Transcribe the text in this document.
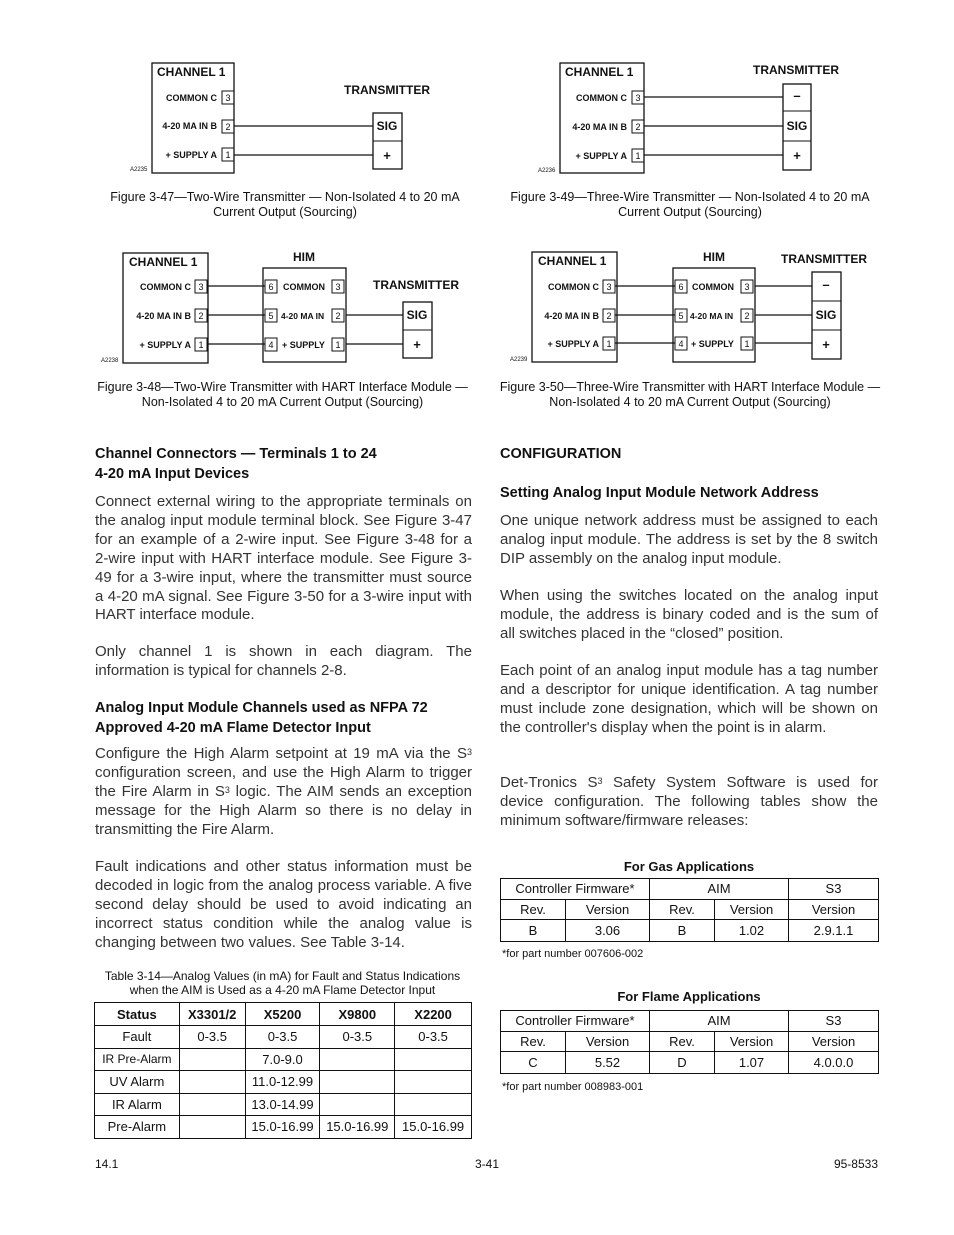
CHANNEL 1
COMMON C
4-20 MA IN B
+ SUPPLY A
3
2
1
TRANSMITTER
SIG
+
A2235
Figure 3-47—Two-Wire Transmitter — Non-Isolated 4 to 20 mA
Current Output (Sourcing)
CHANNEL 1
COMMON C
4-20 MA IN B
+ SUPPLY A
3
2
1
TRANSMITTER
–
SIG
+
A2236
Figure 3-49—Three-Wire Transmitter — Non-Isolated 4 to 20 mA
Current Output (Sourcing)
CHANNEL 1
COMMON C
4-20 MA IN B
+ SUPPLY A
3
2
1
HIM
6
5
4
COMMON
4-20 MA IN
+ SUPPLY
3
2
1
TRANSMITTER
SIG
+
A2238
Figure 3-48—Two-Wire Transmitter with HART Interface Module —
Non-Isolated 4 to 20 mA Current Output (Sourcing)
CHANNEL 1
COMMON C
4-20 MA IN B
+ SUPPLY A
3
2
1
HIM
6
5
4
COMMON
4-20 MA IN
+ SUPPLY
3
2
1
TRANSMITTER
–
SIG
+
A2239
Figure 3-50—Three-Wire Transmitter with HART Interface Module —
Non-Isolated 4 to 20 mA Current Output (Sourcing)
Channel Connectors — Terminals 1 to 24
4-20 mA Input Devices
Connect external wiring to the appropriate terminals on the analog input module terminal block. See Figure 3-47 for an example of a 2-wire input. See Figure 3-48 for a 2-wire input with HART interface module. See Figure 3-49 for a 3-wire input, where the transmitter must source a 4-20 mA signal. See Figure 3-50 for a 3-wire input with HART interface module.
Only channel 1 is shown in each diagram. The information is typical for channels 2-8.
Analog Input Module Channels used as NFPA 72
Approved 4-20 mA Flame Detector Input
Configure the High Alarm setpoint at 19 mA via the $S^3$ configuration screen, and use the High Alarm to trigger the Fire Alarm in $S^3$ logic. The AIM sends an exception message for the High Alarm so there is no delay in transmitting the Fire Alarm.
Fault indications and other status information must be decoded in logic from the analog process variable. A five second delay should be used to avoid indicating an incorrect status condition while the analog value is changing between two values. See Table 3-14.
Table 3-14—Analog Values (in mA) for Fault and Status Indications
when the AIM is Used as a 4-20 mA Flame Detector Input
Status	X3301/2	X5200	X9800	X2200
Fault	0-3.5	0-3.5	0-3.5	0-3.5
IR Pre-Alarm		7.0-9.0		
UV Alarm		11.0-12.99		
IR Alarm		13.0-14.99		
Pre-Alarm		15.0-16.99	15.0-16.99	15.0-16.99
CONFIGURATION
Setting Analog Input Module Network Address
One unique network address must be assigned to each analog input module. The address is set by the 8 switch DIP assembly on the analog input module.
When using the switches located on the analog input module, the address is binary coded and is the sum of all switches placed in the “closed” position.
Each point of an analog input module has a tag number and a descriptor for unique identification. A tag number must include zone designation, which will be shown on the controller's display when the point is in alarm.
Det-Tronics $S^3$ Safety System Software is used for device configuration. The following tables show the minimum software/firmware releases:
For Gas Applications
Controller Firmware*		AIM		S3
Rev.	Version	Rev.	Version	Version
B	3.06	B	1.02	2.9.1.1
*for part number 007606-002
For Flame Applications
Controller Firmware*		AIM		S3
Rev.	Version	Rev.	Version	Version
C	5.52	D	1.07	4.0.0.0
*for part number 008983-001
14.1	3-41	95-8533
